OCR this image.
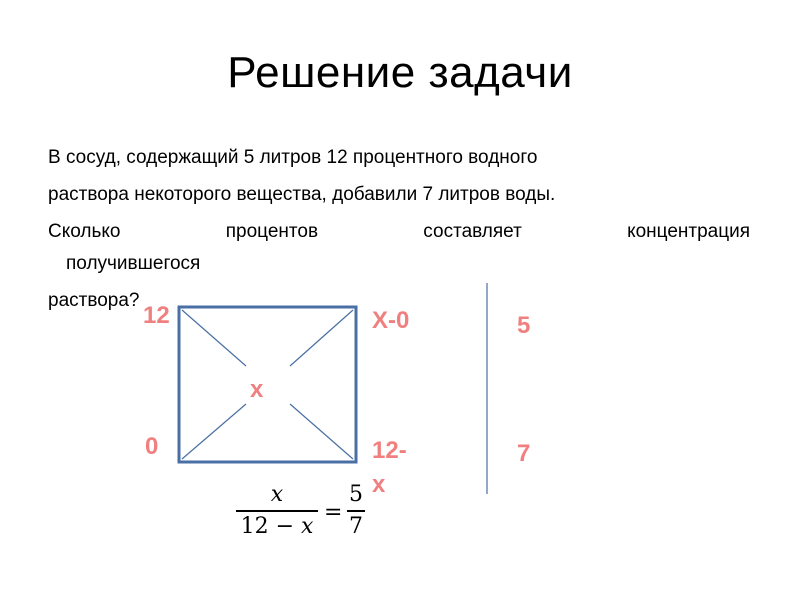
Решение задачи
В сосуд, содержащий 5 литров 12 процентного водного
раствора некоторого вещества, добавили 7 литров воды.
Сколько	процентов	составляет	концентрация
получившегося
раствора?
12
0
x
X-0
12-x
5
7
x
12 − x
=
5
7
